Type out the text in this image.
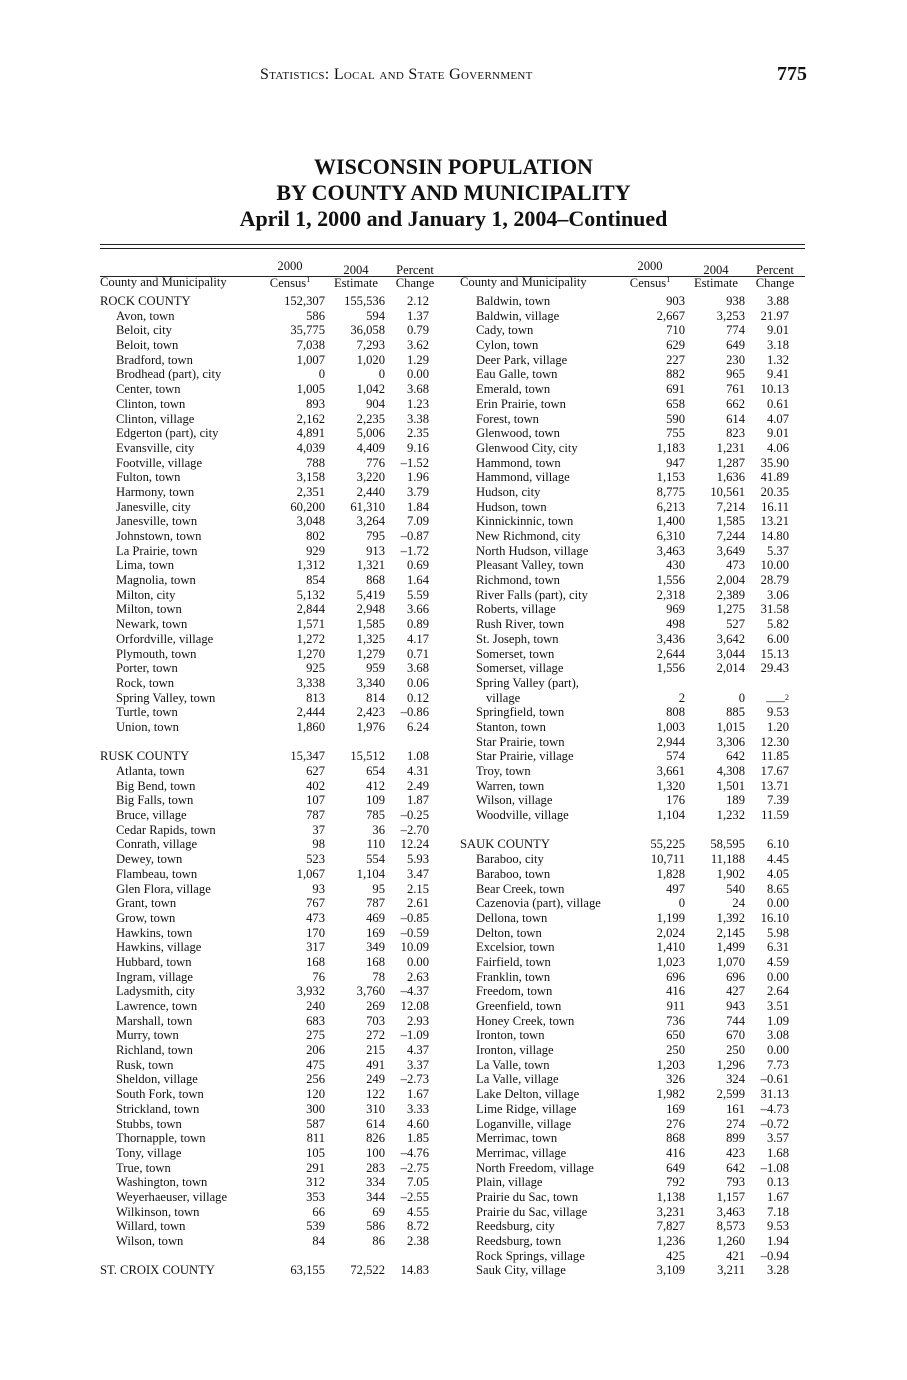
Statistics: Local and State Government	775
WISCONSIN POPULATION
BY COUNTY AND MUNICIPALITY
April 1, 2000 and January 1, 2004–Continued
County and Municipality
2000
Census$^1$
2004
Estimate
Percent
Change
ROCK COUNTY	152,307	155,536	2.12
Avon, town	586	594	1.37
Beloit, city	35,775	36,058	0.79
Beloit, town	7,038	7,293	3.62
Bradford, town	1,007	1,020	1.29
Brodhead (part), city	0	0	0.00
Center, town	1,005	1,042	3.68
Clinton, town	893	904	1.23
Clinton, village	2,162	2,235	3.38
Edgerton (part), city	4,891	5,006	2.35
Evansville, city	4,039	4,409	9.16
Footville, village	788	776	–1.52
Fulton, town	3,158	3,220	1.96
Harmony, town	2,351	2,440	3.79
Janesville, city	60,200	61,310	1.84
Janesville, town	3,048	3,264	7.09
Johnstown, town	802	795	–0.87
La Prairie, town	929	913	–1.72
Lima, town	1,312	1,321	0.69
Magnolia, town	854	868	1.64
Milton, city	5,132	5,419	5.59
Milton, town	2,844	2,948	3.66
Newark, town	1,571	1,585	0.89
Orfordville, village	1,272	1,325	4.17
Plymouth, town	1,270	1,279	0.71
Porter, town	925	959	3.68
Rock, town	3,338	3,340	0.06
Spring Valley, town	813	814	0.12
Turtle, town	2,444	2,423	–0.86
Union, town	1,860	1,976	6.24
RUSK COUNTY	15,347	15,512	1.08
Atlanta, town	627	654	4.31
Big Bend, town	402	412	2.49
Big Falls, town	107	109	1.87
Bruce, village	787	785	–0.25
Cedar Rapids, town	37	36	–2.70
Conrath, village	98	110	12.24
Dewey, town	523	554	5.93
Flambeau, town	1,067	1,104	3.47
Glen Flora, village	93	95	2.15
Grant, town	767	787	2.61
Grow, town	473	469	–0.85
Hawkins, town	170	169	–0.59
Hawkins, village	317	349	10.09
Hubbard, town	168	168	0.00
Ingram, village	76	78	2.63
Ladysmith, city	3,932	3,760	–4.37
Lawrence, town	240	269	12.08
Marshall, town	683	703	2.93
Murry, town	275	272	–1.09
Richland, town	206	215	4.37
Rusk, town	475	491	3.37
Sheldon, village	256	249	–2.73
South Fork, town	120	122	1.67
Strickland, town	300	310	3.33
Stubbs, town	587	614	4.60
Thornapple, town	811	826	1.85
Tony, village	105	100	–4.76
True, town	291	283	–2.75
Washington, town	312	334	7.05
Weyerhaeuser, village	353	344	–2.55
Wilkinson, town	66	69	4.55
Willard, town	539	586	8.72
Wilson, town	84	86	2.38
ST. CROIX COUNTY	63,155	72,522	14.83
County and Municipality
2000
Census$^1$
2004
Estimate
Percent
Change
Baldwin, town	903	938	3.88
Baldwin, village	2,667	3,253	21.97
Cady, town	710	774	9.01
Cylon, town	629	649	3.18
Deer Park, village	227	230	1.32
Eau Galle, town	882	965	9.41
Emerald, town	691	761	10.13
Erin Prairie, town	658	662	0.61
Forest, town	590	614	4.07
Glenwood, town	755	823	9.01
Glenwood City, city	1,183	1,231	4.06
Hammond, town	947	1,287	35.90
Hammond, village	1,153	1,636	41.89
Hudson, city	8,775	10,561	20.35
Hudson, town	6,213	7,214	16.11
Kinnickinnic, town	1,400	1,585	13.21
New Richmond, city	6,310	7,244	14.80
North Hudson, village	3,463	3,649	5.37
Pleasant Valley, town	430	473	10.00
Richmond, town	1,556	2,004	28.79
River Falls (part), city	2,318	2,389	3.06
Roberts, village	969	1,275	31.58
Rush River, town	498	527	5.82
St. Joseph, town	3,436	3,642	6.00
Somerset, town	2,644	3,044	15.13
Somerset, village	1,556	2,014	29.43
Spring Valley (part),
village	2	0	–––$^2$
Springfield, town	808	885	9.53
Stanton, town	1,003	1,015	1.20
Star Prairie, town	2,944	3,306	12.30
Star Prairie, village	574	642	11.85
Troy, town	3,661	4,308	17.67
Warren, town	1,320	1,501	13.71
Wilson, village	176	189	7.39
Woodville, village	1,104	1,232	11.59
SAUK COUNTY	55,225	58,595	6.10
Baraboo, city	10,711	11,188	4.45
Baraboo, town	1,828	1,902	4.05
Bear Creek, town	497	540	8.65
Cazenovia (part), village	0	24	0.00
Dellona, town	1,199	1,392	16.10
Delton, town	2,024	2,145	5.98
Excelsior, town	1,410	1,499	6.31
Fairfield, town	1,023	1,070	4.59
Franklin, town	696	696	0.00
Freedom, town	416	427	2.64
Greenfield, town	911	943	3.51
Honey Creek, town	736	744	1.09
Ironton, town	650	670	3.08
Ironton, village	250	250	0.00
La Valle, town	1,203	1,296	7.73
La Valle, village	326	324	–0.61
Lake Delton, village	1,982	2,599	31.13
Lime Ridge, village	169	161	–4.73
Loganville, village	276	274	–0.72
Merrimac, town	868	899	3.57
Merrimac, village	416	423	1.68
North Freedom, village	649	642	–1.08
Plain, village	792	793	0.13
Prairie du Sac, town	1,138	1,157	1.67
Prairie du Sac, village	3,231	3,463	7.18
Reedsburg, city	7,827	8,573	9.53
Reedsburg, town	1,236	1,260	1.94
Rock Springs, village	425	421	–0.94
Sauk City, village	3,109	3,211	3.28
